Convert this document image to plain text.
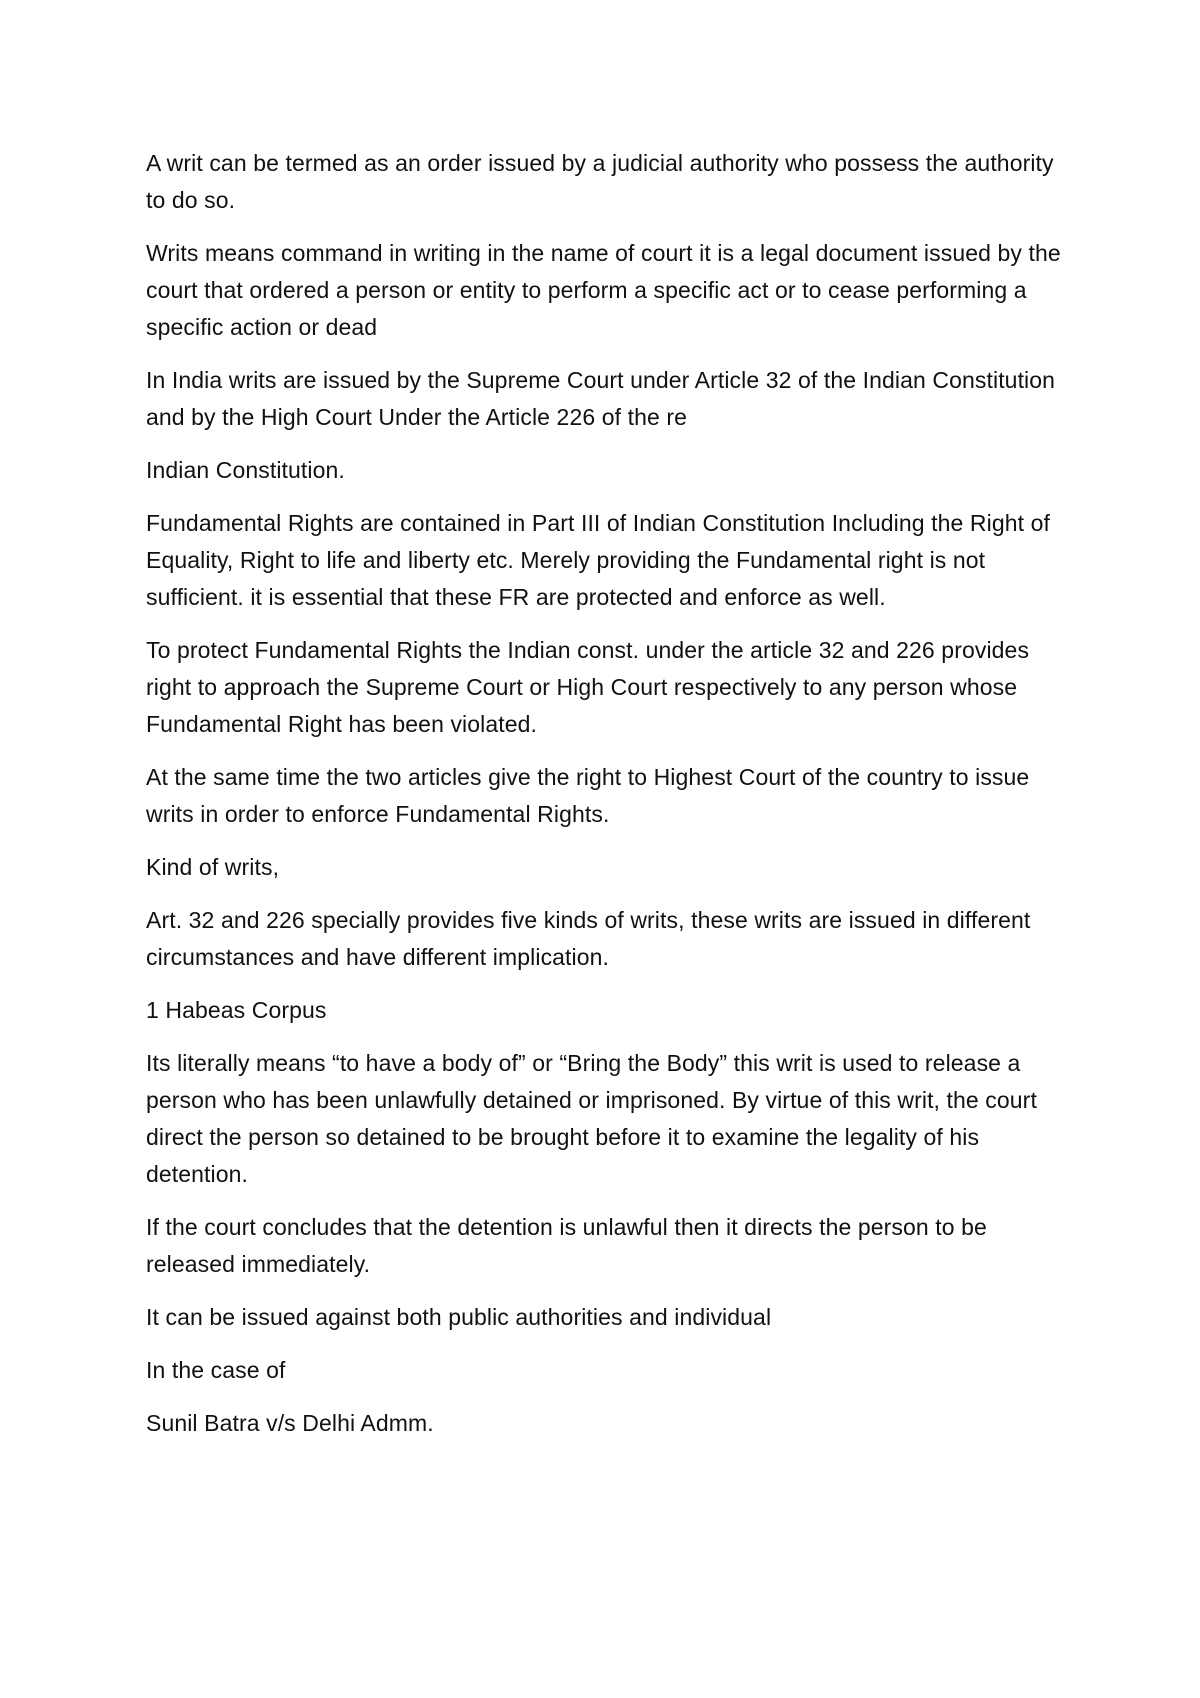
A writ can be termed as an order issued by a judicial authority who possess the authority to do so.

Writs means command in writing in the name of court it is a legal document issued by the court that ordered a person or entity to perform a specific act or to cease performing a specific action or dead

In India writs are issued by the Supreme Court under Article 32 of the Indian Constitution and by the High Court Under the Article 226 of the re

Indian Constitution.

Fundamental Rights are contained in Part III of Indian Constitution Including the Right of Equality, Right to life and liberty etc. Merely providing the Fundamental right is not sufficient. it is essential that these FR are protected and enforce as well.

To protect Fundamental Rights the Indian const. under the article 32 and 226 provides right to approach the Supreme Court or High Court respectively to any person whose Fundamental Right has been violated.

At the same time the two articles give the right to Highest Court of the country to issue writs in order to enforce Fundamental Rights.

Kind of writs,

Art. 32 and 226 specially provides five kinds of writs, these writs are issued in different circumstances and have different implication.

1 Habeas Corpus

Its literally means “to have a body of” or “Bring the Body” this writ is used to release a person who has been unlawfully detained or imprisoned. By virtue of this writ, the court direct the person so detained to be brought before it to examine the legality of his detention.

If the court concludes that the detention is unlawful then it directs the person to be released immediately.

It can be issued against both public authorities and individual

In the case of

Sunil Batra v/s Delhi Admm.
